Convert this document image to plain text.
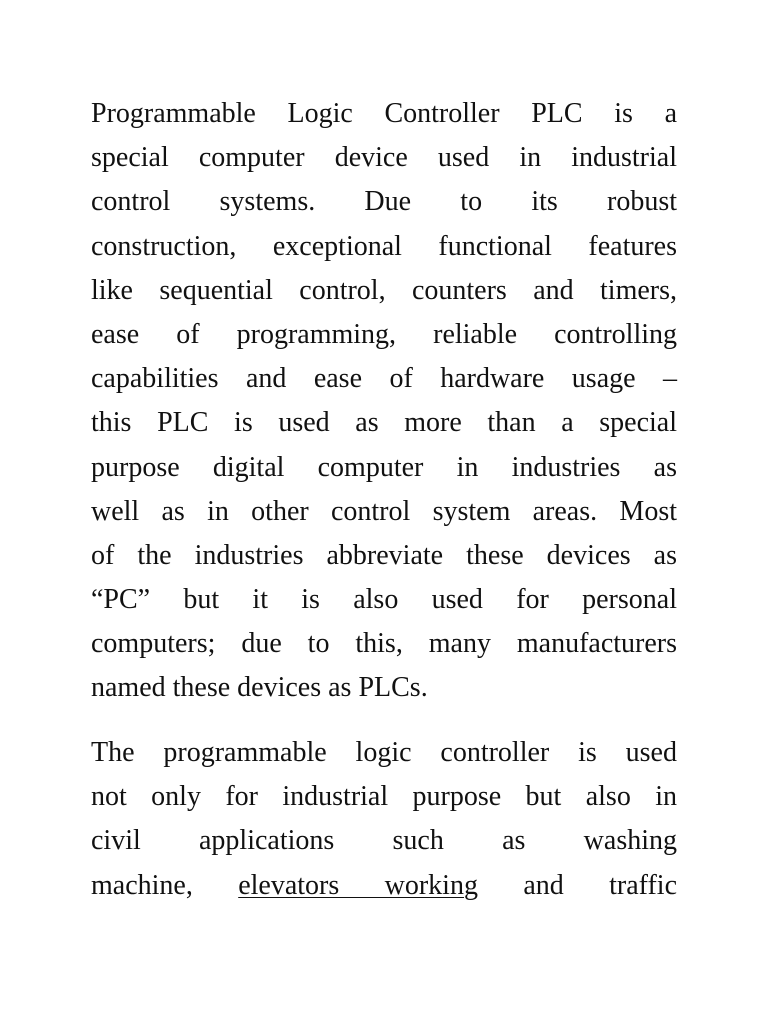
Programmable Logic Controller PLC is a
special computer device used in industrial
control systems. Due to its robust
construction, exceptional functional features
like sequential control, counters and timers,
ease of programming, reliable controlling
capabilities and ease of hardware usage –
this PLC is used as more than a special
purpose digital computer in industries as
well as in other control system areas. Most
of the industries abbreviate these devices as
“PC” but it is also used for personal
computers; due to this, many manufacturers
named these devices as PLCs.
The programmable logic controller is used
not only for industrial purpose but also in
civil applications such as washing
machine, elevators working and traffic
